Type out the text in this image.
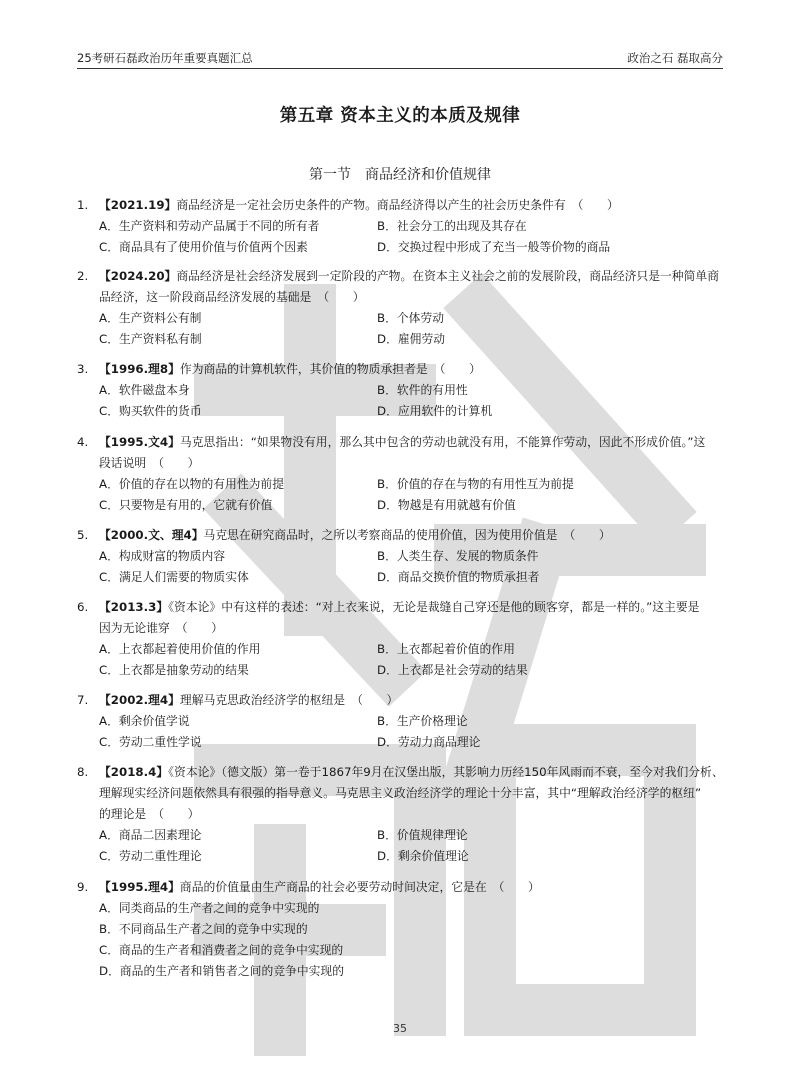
25考研石磊政治历年重要真题汇总	政治之石 磊取高分
第五章 资本主义的本质及规律
第一节　商品经济和价值规律
1. 【2021.19】商品经济是一定社会历史条件的产物。商品经济得以产生的社会历史条件有 （　　）
A．生产资料和劳动产品属于不同的所有者	B．社会分工的出现及其存在
C．商品具有了使用价值与价值两个因素	D．交换过程中形成了充当一般等价物的商品
2. 【2024.20】商品经济是社会经济发展到一定阶段的产物。在资本主义社会之前的发展阶段，商品经济只是一种简单商
品经济，这一阶段商品经济发展的基础是 （　　）
A．生产资料公有制	B．个体劳动
C．生产资料私有制	D．雇佣劳动
3. 【1996.理8】作为商品的计算机软件，其价值的物质承担者是 （　　）
A．软件磁盘本身	B．软件的有用性
C．购买软件的货币	D．应用软件的计算机
4. 【1995.文4】马克思指出：“如果物没有用，那么其中包含的劳动也就没有用，不能算作劳动，因此不形成价值。”这
段话说明 （　　）
A．价值的存在以物的有用性为前提	B．价值的存在与物的有用性互为前提
C．只要物是有用的，它就有价值	D．物越是有用就越有价值
5. 【2000.文、理4】马克思在研究商品时，之所以考察商品的使用价值，因为使用价值是 （　　）
A．构成财富的物质内容	B．人类生存、发展的物质条件
C．满足人们需要的物质实体	D．商品交换价值的物质承担者
6. 【2013.3】《资本论》中有这样的表述：“对上衣来说，无论是裁缝自己穿还是他的顾客穿，都是一样的。”这主要是
因为无论谁穿 （　　）
A．上衣都起着使用价值的作用	B．上衣都起着价值的作用
C．上衣都是抽象劳动的结果	D．上衣都是社会劳动的结果
7. 【2002.理4】理解马克思政治经济学的枢纽是 （　　）
A．剩余价值学说	B．生产价格理论
C．劳动二重性学说	D．劳动力商品理论
8. 【2018.4】《资本论》（德文版）第一卷于1867年9月在汉堡出版，其影响力历经150年风雨而不衰，至今对我们分析、
理解现实经济问题依然具有很强的指导意义。马克思主义政治经济学的理论十分丰富，其中“理解政治经济学的枢纽”
的理论是 （　　）
A．商品二因素理论	B．价值规律理论
C．劳动二重性理论	D．剩余价值理论
9. 【1995.理4】商品的价值量由生产商品的社会必要劳动时间决定，它是在 （　　）
A．同类商品的生产者之间的竞争中实现的
B．不同商品生产者之间的竞争中实现的
C．商品的生产者和消费者之间的竞争中实现的
D．商品的生产者和销售者之间的竞争中实现的
35
